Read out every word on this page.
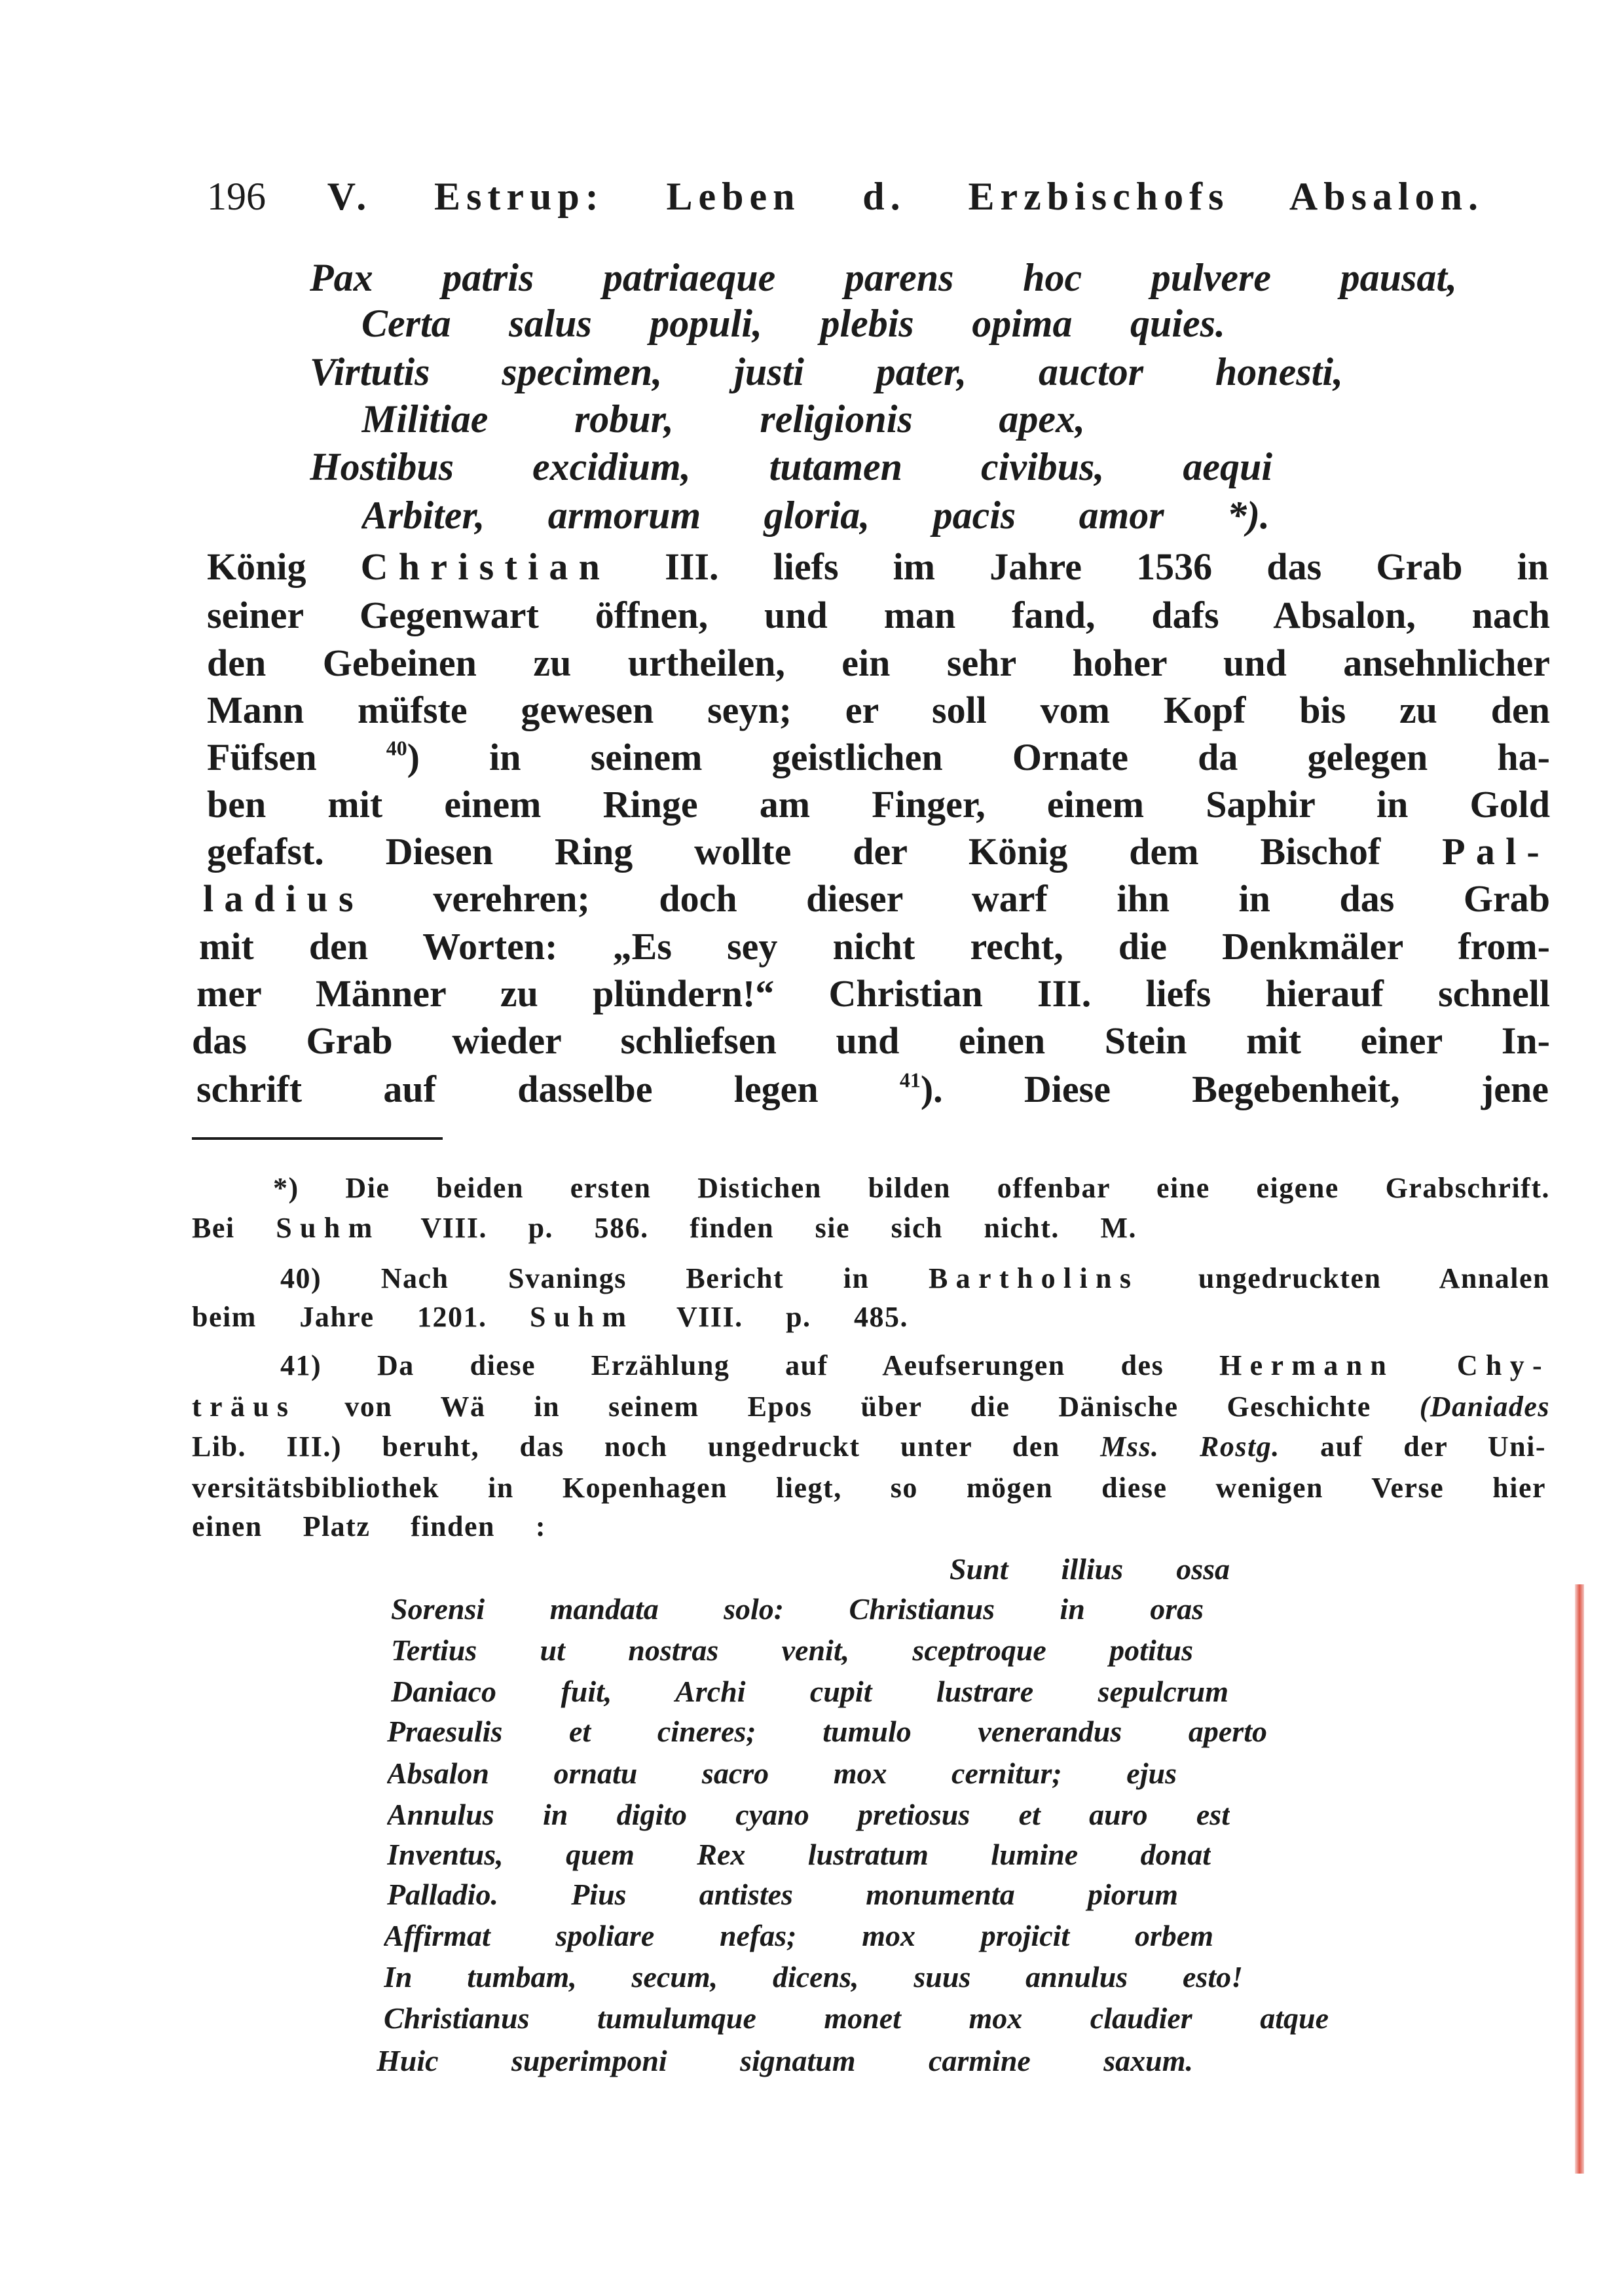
196 V. Estrup: Leben d. Erzbischofs Absalon.
Pax patris patriaeque parens hoc pulvere pausat,
Certa salus populi, plebis opima quies.
Virtutis specimen, justi pater, auctor honesti,
Militiae robur, religionis apex,
Hostibus excidium, tutamen civibus, aequi
Arbiter, armorum gloria, pacis amor *).
König Christian III. liefs im Jahre 1536 das Grab in
seiner Gegenwart öffnen, und man fand, dafs Absalon, nach
den Gebeinen zu urtheilen, ein sehr hoher und ansehnlicher
Mann müfste gewesen seyn; er soll vom Kopf bis zu den
Füfsen $^{40}$) in seinem geistlichen Ornate da gelegen ha-
ben mit einem Ringe am Finger, einem Saphir in Gold
gefafst. Diesen Ring wollte der König dem Bischof Pal-
ladius verehren; doch dieser warf ihn in das Grab
mit den Worten: „Es sey nicht recht, die Denkmäler from-
mer Männer zu plündern!“ Christian III. liefs hierauf schnell
das Grab wieder schliefsen und einen Stein mit einer In-
schrift auf dasselbe legen $^{41}$). Diese Begebenheit, jene
*) Die beiden ersten Distichen bilden offenbar eine eigene Grabschrift.
Bei Suhm VIII. p. 586. finden sie sich nicht. M.
40) Nach Svanings Bericht in Bartholins ungedruckten Annalen
beim Jahre 1201. Suhm VIII. p. 485.
41) Da diese Erzählung auf Aeufserungen des Hermann Chy-
träus von Wä in seinem Epos über die Dänische Geschichte (Daniades
Lib. III.) beruht, das noch ungedruckt unter den Mss. Rostg. auf der Uni-
versitätsbibliothek in Kopenhagen liegt, so mögen diese wenigen Verse hier
einen Platz finden :
Sunt illius ossa
Sorensi mandata solo: Christianus in oras
Tertius ut nostras venit, sceptroque potitus
Daniaco fuit, Archi cupit lustrare sepulcrum
Praesulis et cineres; tumulo venerandus aperto
Absalon ornatu sacro mox cernitur; ejus
Annulus in digito cyano pretiosus et auro est
Inventus, quem Rex lustratum lumine donat
Palladio. Pius antistes monumenta piorum
Affirmat spoliare nefas; mox projicit orbem
In tumbam, secum, dicens, suus annulus esto!
Christianus tumulumque monet mox claudier atque
Huic superimponi signatum carmine saxum.
